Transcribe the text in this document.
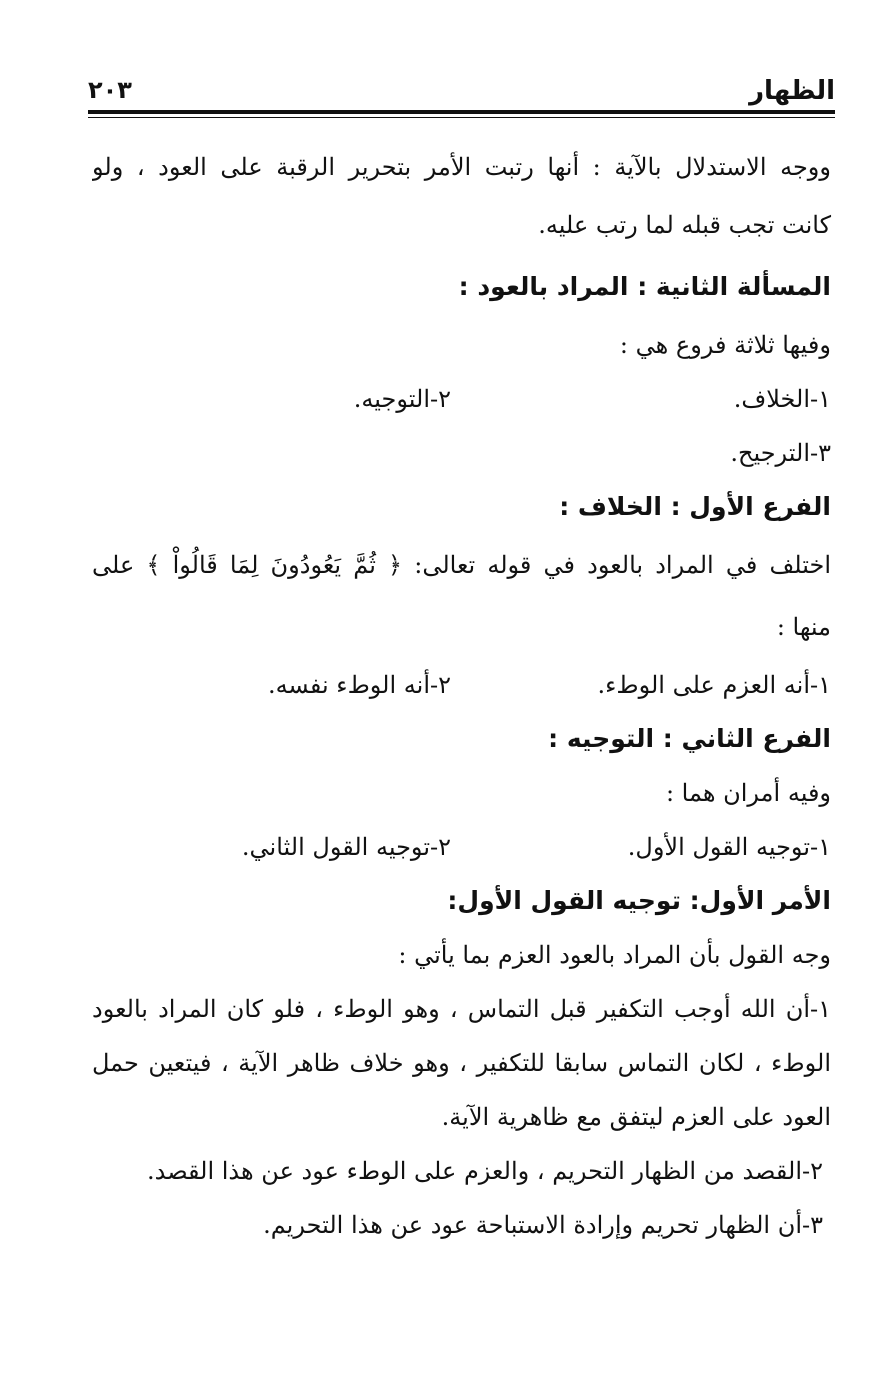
الظهار
٢٠٣
ووجه الاستدلال بالآية : أنها رتبت الأمر بتحرير الرقبة على العود ، ولو
كانت تجب قبله لما رتب عليه.
المسألة الثانية : المراد بالعود :
وفيها ثلاثة فروع هي :
١-الخلاف.
٢-التوجيه.
٣-الترجيح.
الفرع الأول : الخلاف :
اختلف في المراد بالعود في قوله تعالى: ﴿ ثُمَّ يَعُودُونَ لِمَا قَالُواْ ﴾ على
منها :
١-أنه العزم على الوطء.
٢-أنه الوطء نفسه.
الفرع الثاني : التوجيه :
وفيه أمران هما :
١-توجيه القول الأول.
٢-توجيه القول الثاني.
الأمر الأول: توجيه القول الأول:
وجه القول بأن المراد بالعود العزم بما يأتي :
١-أن الله أوجب التكفير قبل التماس ، وهو الوطء ، فلو كان المراد بالعود
الوطء ، لكان التماس سابقا للتكفير ، وهو خلاف ظاهر الآية ، فيتعين حمل
العود على العزم ليتفق مع ظاهرية الآية.
٢-القصد من الظهار التحريم ، والعزم على الوطء عود عن هذا القصد.
٣-أن الظهار تحريم وإرادة الاستباحة عود عن هذا التحريم.
